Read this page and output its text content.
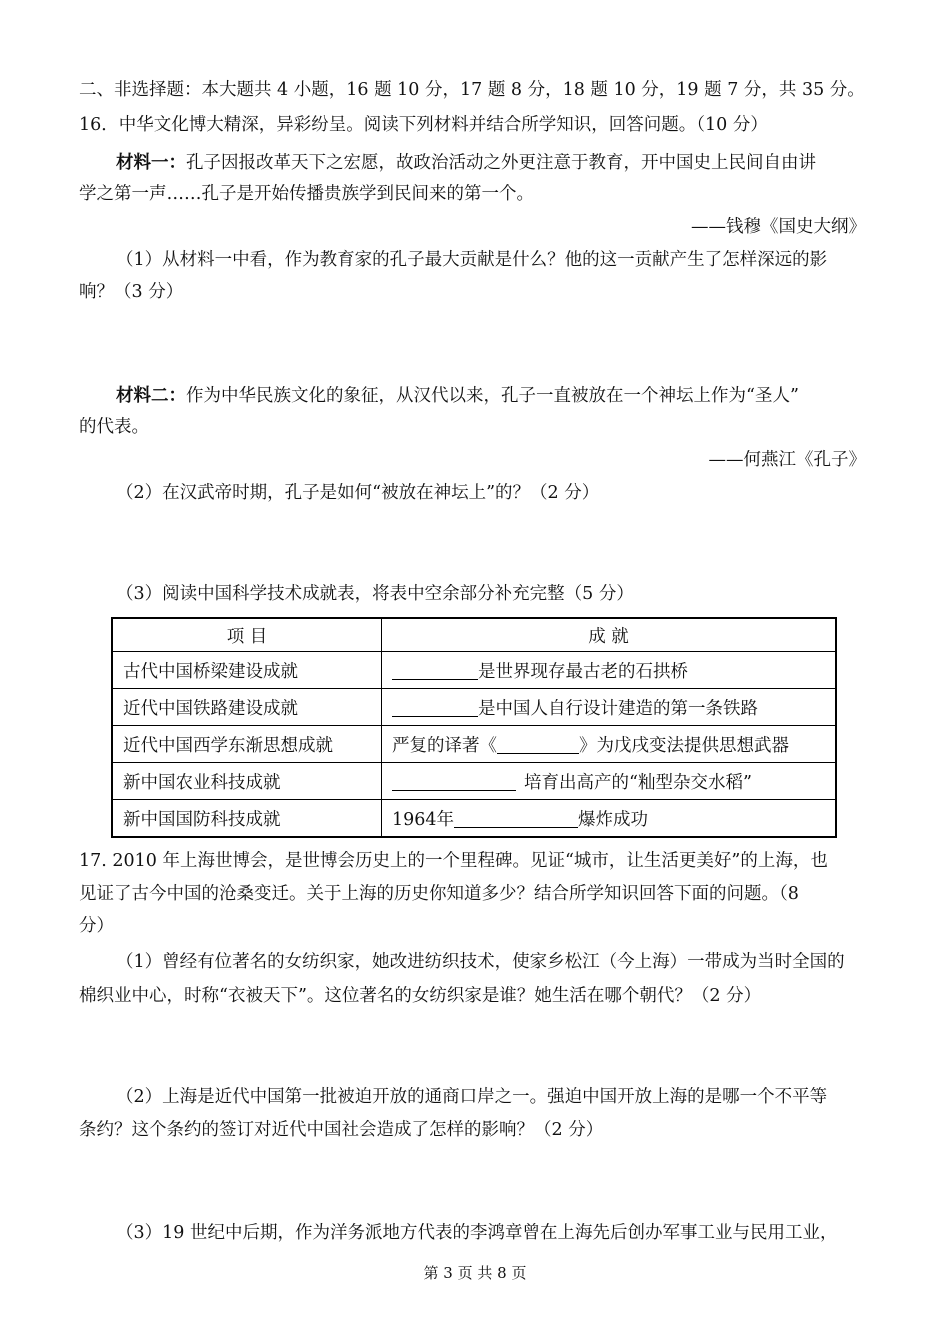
二、非选择题：本大题共 4 小题，16 题 10 分，17 题 8 分，18 题 10 分，19 题 7 分，共 35 分。
16．中华文化博大精深，异彩纷呈。阅读下列材料并结合所学知识，回答问题。（10 分）
材料一：孔子因报改革天下之宏愿，故政治活动之外更注意于教育，开中国史上民间自由讲
学之第一声……孔子是开始传播贵族学到民间来的第一个。
——钱穆《国史大纲》
（1）从材料一中看，作为教育家的孔子最大贡献是什么？他的这一贡献产生了怎样深远的影
响？（3 分）
材料二：作为中华民族文化的象征，从汉代以来，孔子一直被放在一个神坛上作为“圣人”
的代表。
——何燕江《孔子》
（2）在汉武帝时期，孔子是如何“被放在神坛上”的？（2 分）
（3）阅读中国科学技术成就表，将表中空余部分补充完整（5 分）
项 目	成 就
古代中国桥梁建设成就	是世界现存最古老的石拱桥
近代中国铁路建设成就	是中国人自行设计建造的第一条铁路
近代中国西学东渐思想成就	严复的译著《 》为戊戌变法提供思想武器
新中国农业科技成就	培育出高产的“籼型杂交水稻”
新中国国防科技成就	1964年 爆炸成功
17. 2010 年上海世博会，是世博会历史上的一个里程碑。见证“城市，让生活更美好”的上海，也
见证了古今中国的沧桑变迁。关于上海的历史你知道多少？结合所学知识回答下面的问题。（8
分）
（1）曾经有位著名的女纺织家，她改进纺织技术，使家乡松江（今上海）一带成为当时全国的
棉织业中心，时称“衣被天下”。这位著名的女纺织家是谁？她生活在哪个朝代？（2 分）
（2）上海是近代中国第一批被迫开放的通商口岸之一。强迫中国开放上海的是哪一个不平等
条约？这个条约的签订对近代中国社会造成了怎样的影响？（2 分）
（3）19 世纪中后期，作为洋务派地方代表的李鸿章曾在上海先后创办军事工业与民用工业，
第 3 页 共 8 页
